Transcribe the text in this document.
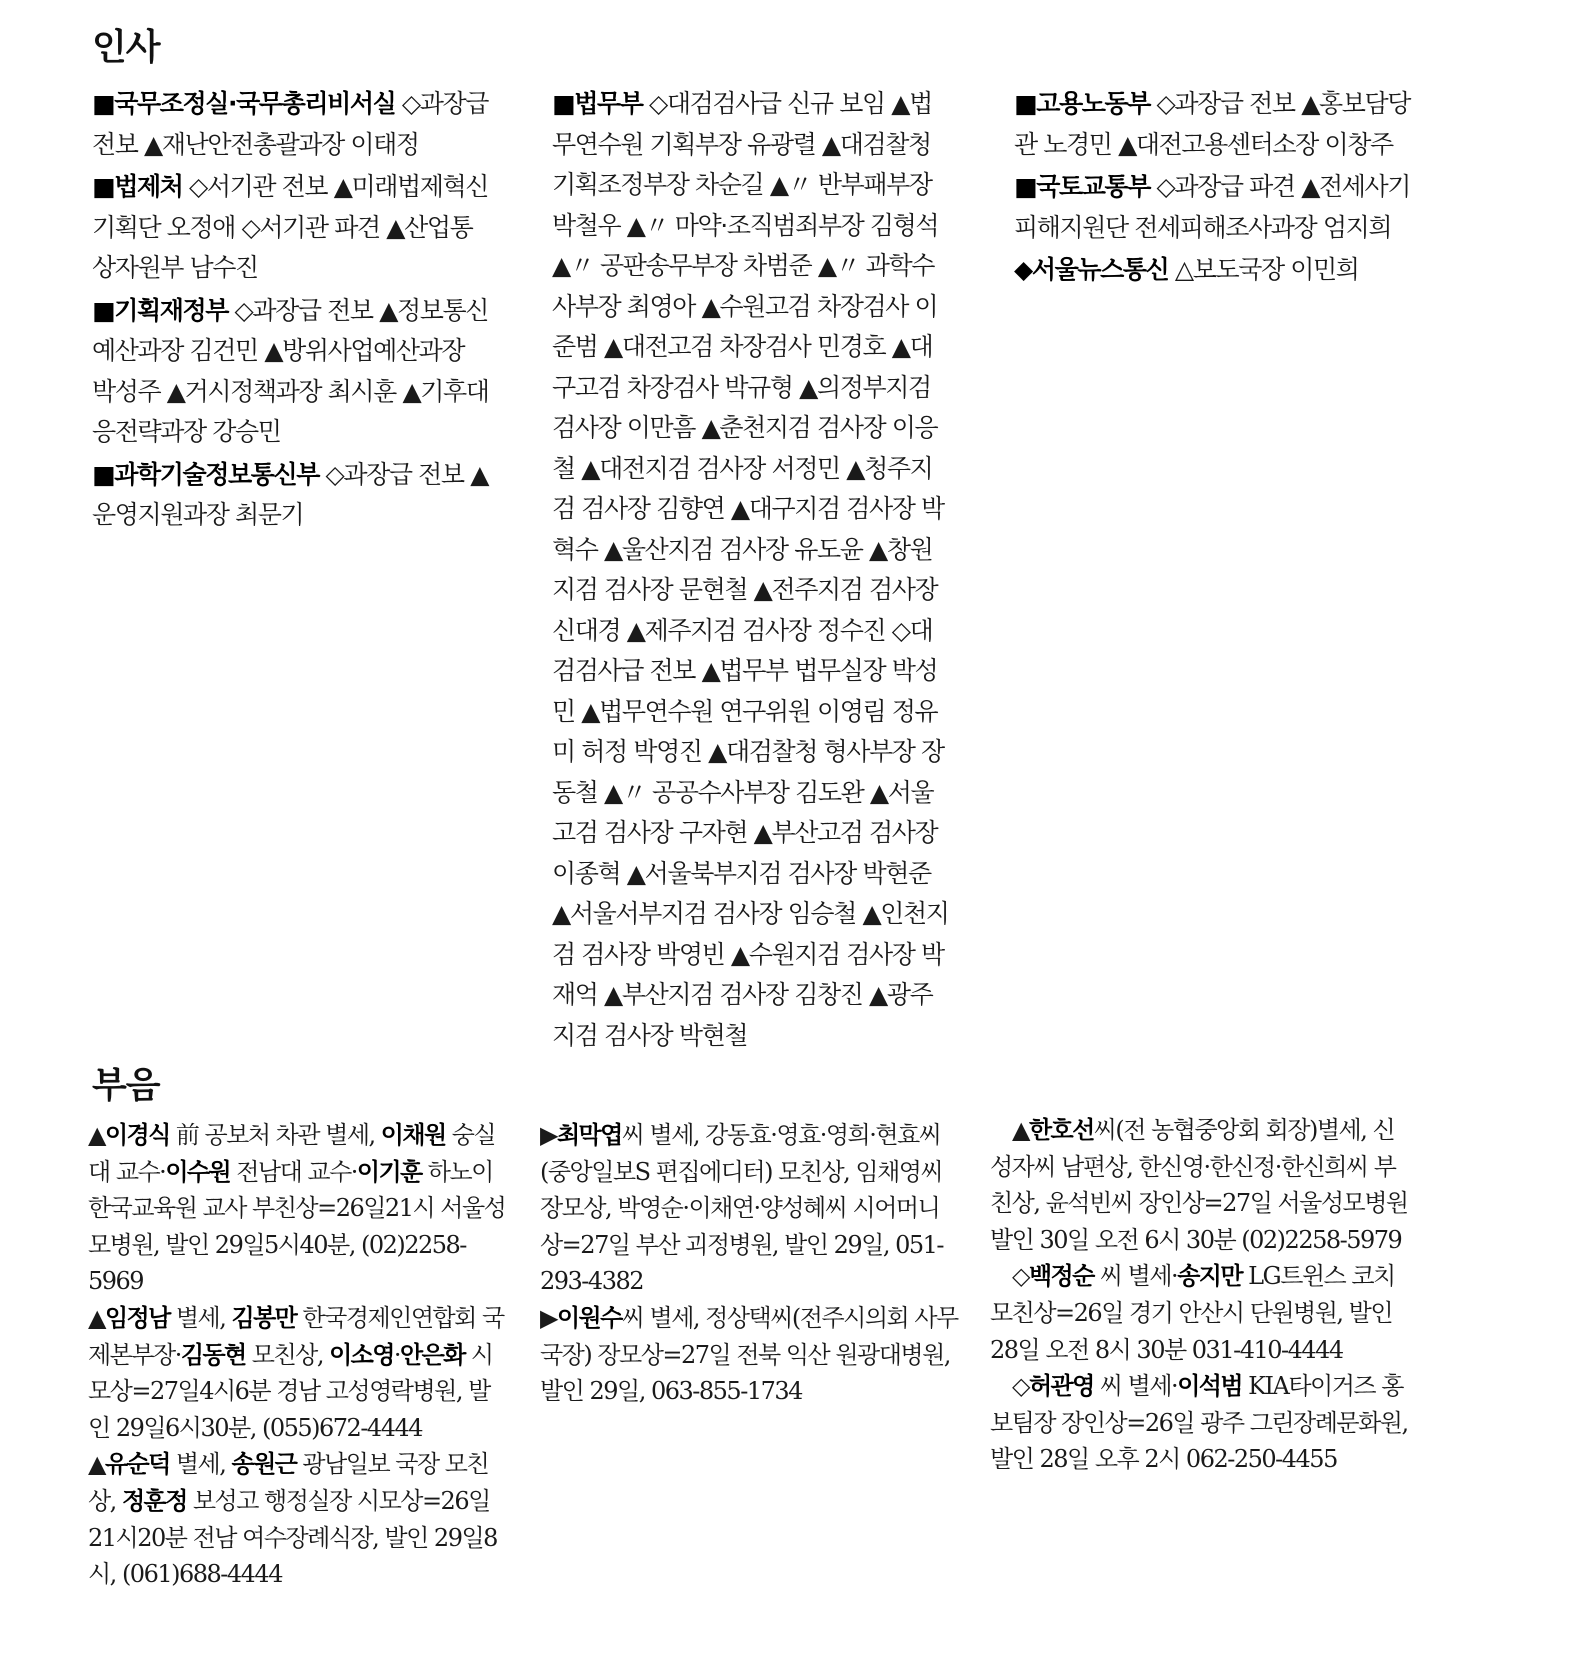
인사

■국무조정실·국무총리비서실 ◇과장급전보 ▲재난안전총괄과장 이태정

■법제처 ◇서기관 전보 ▲미래법제혁신기획단 오정애 ◇서기관 파견 ▲산업통상자원부 남수진

■기획재정부 ◇과장급 전보 ▲정보통신예산과장 김건민 ▲방위사업예산과장 박성주 ▲거시정책과장 최시훈 ▲기후대응전략과장 강승민

■과학기술정보통신부 ◇과장급 전보 ▲운영지원과장 최문기

■법무부 ◇대검검사급 신규 보임 ▲법무연수원 기획부장 유광렬 ▲대검찰청 기획조정부장 차순길 ▲〃 반부패부장 박철우 ▲〃 마약·조직범죄부장 김형석 ▲〃 공판송무부장 차범준 ▲〃 과학수사부장 최영아 ▲수원고검 차장검사 이준범 ▲대전고검 차장검사 민경호 ▲대구고검 차장검사 박규형 ▲의정부지검 검사장 이만흠 ▲춘천지검 검사장 이응철 ▲대전지검 검사장 서정민 ▲청주지검 검사장 김향연 ▲대구지검 검사장 박혁수 ▲울산지검 검사장 유도윤 ▲창원지검 검사장 문현철 ▲전주지검 검사장 신대경 ▲제주지검 검사장 정수진 ◇대검검사급 전보 ▲법무부 법무실장 박성민 ▲법무연수원 연구위원 이영림 정유미 허정 박영진 ▲대검찰청 형사부장 장동철 ▲〃 공공수사부장 김도완 ▲서울고검 검사장 구자현 ▲부산고검 검사장 이종혁 ▲서울북부지검 검사장 박현준 ▲서울서부지검 검사장 임승철 ▲인천지검 검사장 박영빈 ▲수원지검 검사장 박재억 ▲부산지검 검사장 김창진 ▲광주지검 검사장 박현철

■고용노동부 ◇과장급 전보 ▲홍보담당관 노경민 ▲대전고용센터소장 이창주

■국토교통부 ◇과장급 파견 ▲전세사기피해지원단 전세피해조사과장 엄지희

◆서울뉴스통신 △보도국장 이민희

부음

▲이경식 前 공보처 차관 별세, 이채원 숭실대 교수·이수원 전남대 교수·이기훈 하노이한국교육원 교사 부친상=26일21시 서울성모병원, 발인 29일5시40분, (02)2258-5969

▲임정남 별세, 김봉만 한국경제인연합회 국제본부장·김동현 모친상, 이소영·안은화 시모상=27일4시6분 경남 고성영락병원, 발인 29일6시30분, (055)672-4444

▲유순덕 별세, 송원근 광남일보 국장 모친상, 정훈정 보성고 행정실장 시모상=26일21시20분 전남 여수장례식장, 발인 29일8시, (061)688-4444

▶최막엽씨 별세, 강동효·영효·영희·현효씨(중앙일보S 편집에디터) 모친상, 임채영씨 장모상, 박영순·이채연·양성혜씨 시어머니상=27일 부산 괴정병원, 발인 29일, 051-293-4382

▶이원수씨 별세, 정상택씨(전주시의회 사무국장) 장모상=27일 전북 익산 원광대병원, 발인 29일, 063-855-1734

▲한호선씨(전 농협중앙회 회장)별세, 신성자씨 남편상, 한신영·한신정·한신희씨 부친상, 윤석빈씨 장인상=27일 서울성모병원 발인 30일 오전 6시 30분 (02)2258-5979

◇백정순 씨 별세·송지만 LG트윈스 코치 모친상=26일 경기 안산시 단원병원, 발인 28일 오전 8시 30분 031-410-4444

◇허관영 씨 별세·이석범 KIA타이거즈 홍보팀장 장인상=26일 광주 그린장례문화원, 발인 28일 오후 2시 062-250-4455
